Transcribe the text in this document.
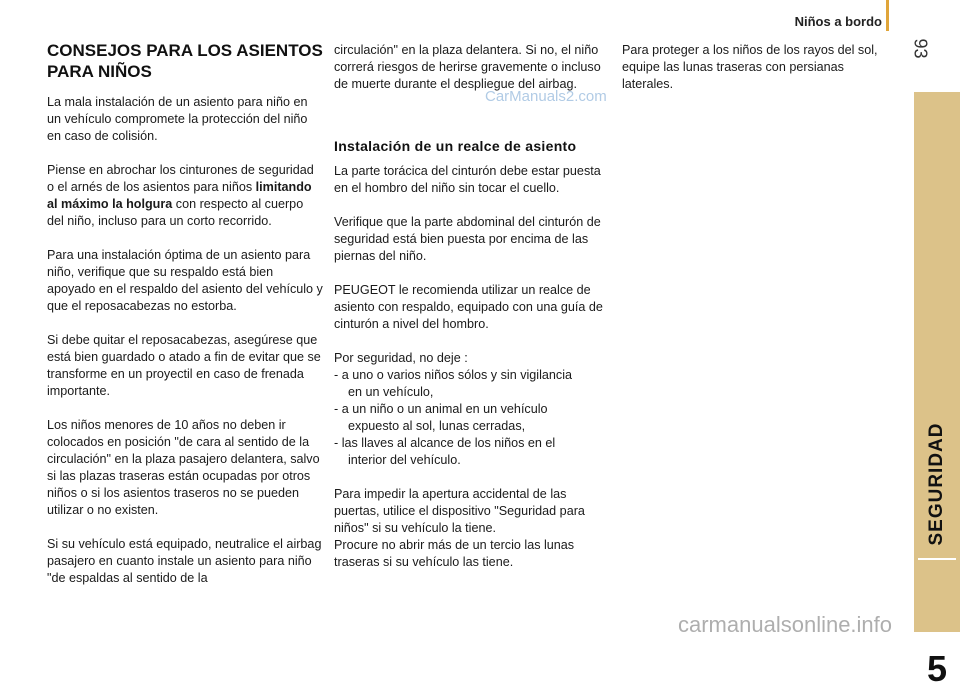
Niños a bordo
93
SEGURIDAD
5
CONSEJOS PARA LOS ASIENTOS PARA NIÑOS

La mala instalación de un asiento para niño en un vehículo compromete la protección del niño en caso de colisión.

Piense en abrochar los cinturones de seguridad o el arnés de los asientos para niños limitando al máximo la holgura con respecto al cuerpo del niño, incluso para un corto recorrido.

Para una instalación óptima de un asiento para niño, verifique que su respaldo está bien apoyado en el respaldo del asiento del vehículo y que el reposacabezas no estorba.

Si debe quitar el reposacabezas, asegúrese que está bien guardado o atado a fin de evitar que se transforme en un proyectil en caso de frenada importante.

Los niños menores de 10 años no deben ir colocados en posición "de cara al sentido de la circulación" en la plaza pasajero delantera, salvo si las plazas traseras están ocupadas por otros niños o si los asientos traseros no se pueden utilizar o no existen.

Si su vehículo está equipado, neutralice el airbag pasajero en cuanto instale un asiento para niño "de espaldas al sentido de la

circulación" en la plaza delantera. Si no, el niño correrá riesgos de herirse gravemente o incluso de muerte durante el despliegue del airbag.

Instalación de un realce de asiento

La parte torácica del cinturón debe estar puesta en el hombro del niño sin tocar el cuello.

Verifique que la parte abdominal del cinturón de seguridad está bien puesta por encima de las piernas del niño.

PEUGEOT le recomienda utilizar un realce de asiento con respaldo, equipado con una guía de cinturón a nivel del hombro.

Por seguridad, no deje :
- a uno o varios niños sólos y sin vigilancia

en un vehículo,
- a un niño o un animal en un vehículo

expuesto al sol, lunas cerradas,
- las llaves al alcance de los niños en el

interior del vehículo.

Para impedir la apertura accidental de las puertas, utilice el dispositivo "Seguridad para niños" si su vehículo la tiene.
Procure no abrir más de un tercio las lunas traseras si su vehículo las tiene.

Para proteger a los niños de los rayos del sol, equipe las lunas traseras con persianas laterales.

CarManuals2.com
carmanualsonline.info
